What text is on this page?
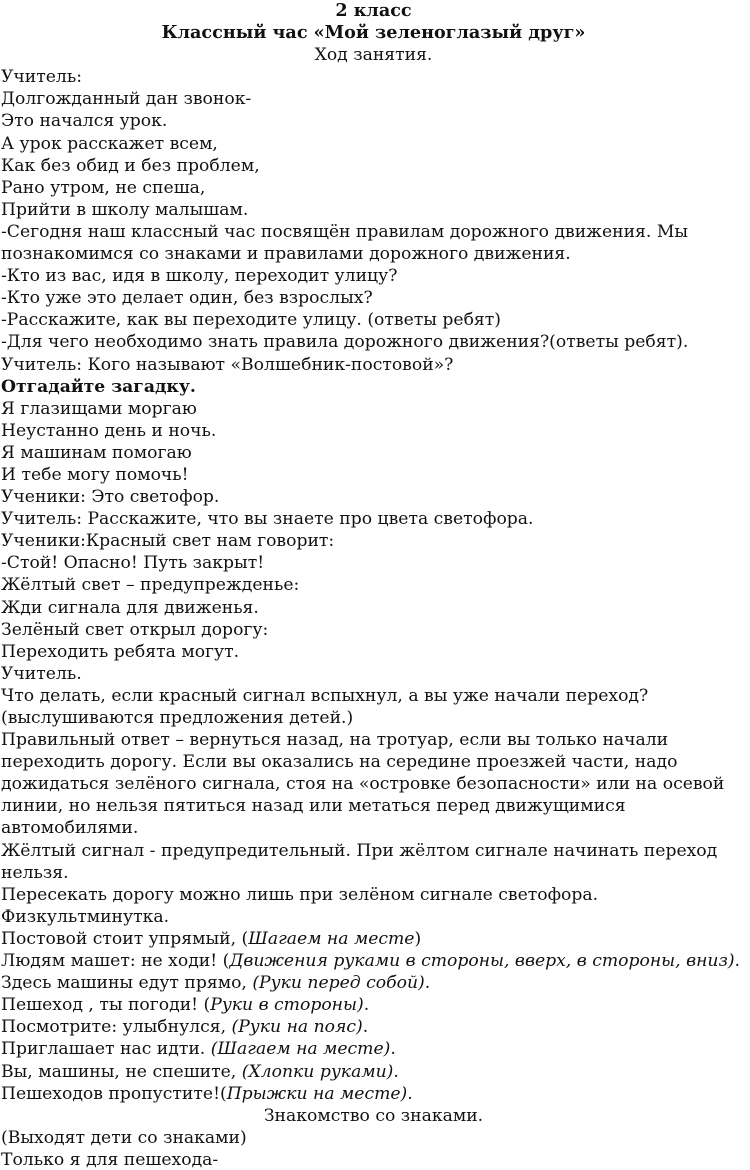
2 класс
Классный час «Мой зеленоглазый друг»
Ход занятия.
Учитель:
Долгожданный дан звонок-
Это начался урок.
А урок расскажет всем,
Как без обид и без проблем,
Рано утром, не спеша,
Прийти в школу малышам.
-Сегодня наш классный час посвящён правилам дорожного движения. Мы
познакомимся со знаками и правилами дорожного движения.
-Кто из вас, идя в школу, переходит улицу?
-Кто уже это делает один, без взрослых?
-Расскажите, как вы переходите улицу. (ответы ребят)
-Для чего необходимо знать правила дорожного движения?(ответы ребят).
Учитель: Кого называют «Волшебник-постовой»?
Отгадайте загадку.
Я глазищами моргаю
Неустанно день и ночь.
Я машинам помогаю
И тебе могу помочь!
Ученики: Это светофор.
Учитель: Расскажите, что вы знаете про цвета светофора.
Ученики:Красный свет нам говорит:
-Стой! Опасно! Путь закрыт!
Жёлтый свет – предупрежденье:
Жди сигнала для движенья.
Зелёный свет открыл дорогу:
Переходить ребята могут.
Учитель.
Что делать, если красный сигнал вспыхнул, а вы уже начали переход?
(выслушиваются предложения детей.)
Правильный ответ – вернуться назад, на тротуар, если вы только начали
переходить дорогу. Если вы оказались на середине проезжей части, надо
дожидаться зелёного сигнала, стоя на «островке безопасности» или на осевой
линии, но нельзя пятиться назад или метаться перед движущимися
автомобилями.
Жёлтый сигнал - предупредительный. При жёлтом сигнале начинать переход
нельзя.
Пересекать дорогу можно лишь при зелёном сигнале светофора.
Физкультминутка.
Постовой стоит упрямый, (Шагаем на месте)
Людям машет: не ходи! (Движения руками в стороны, вверх, в стороны, вниз).
Здесь машины едут прямо, (Руки перед собой).
Пешеход , ты погоди! (Руки в стороны).
Посмотрите: улыбнулся, (Руки на пояс).
Приглашает нас идти. (Шагаем на месте).
Вы, машины, не спешите, (Хлопки руками).
Пешеходов пропустите!(Прыжки на месте).
Знакомство со знаками.
(Выходят дети со знаками)
Только я для пешехода-
